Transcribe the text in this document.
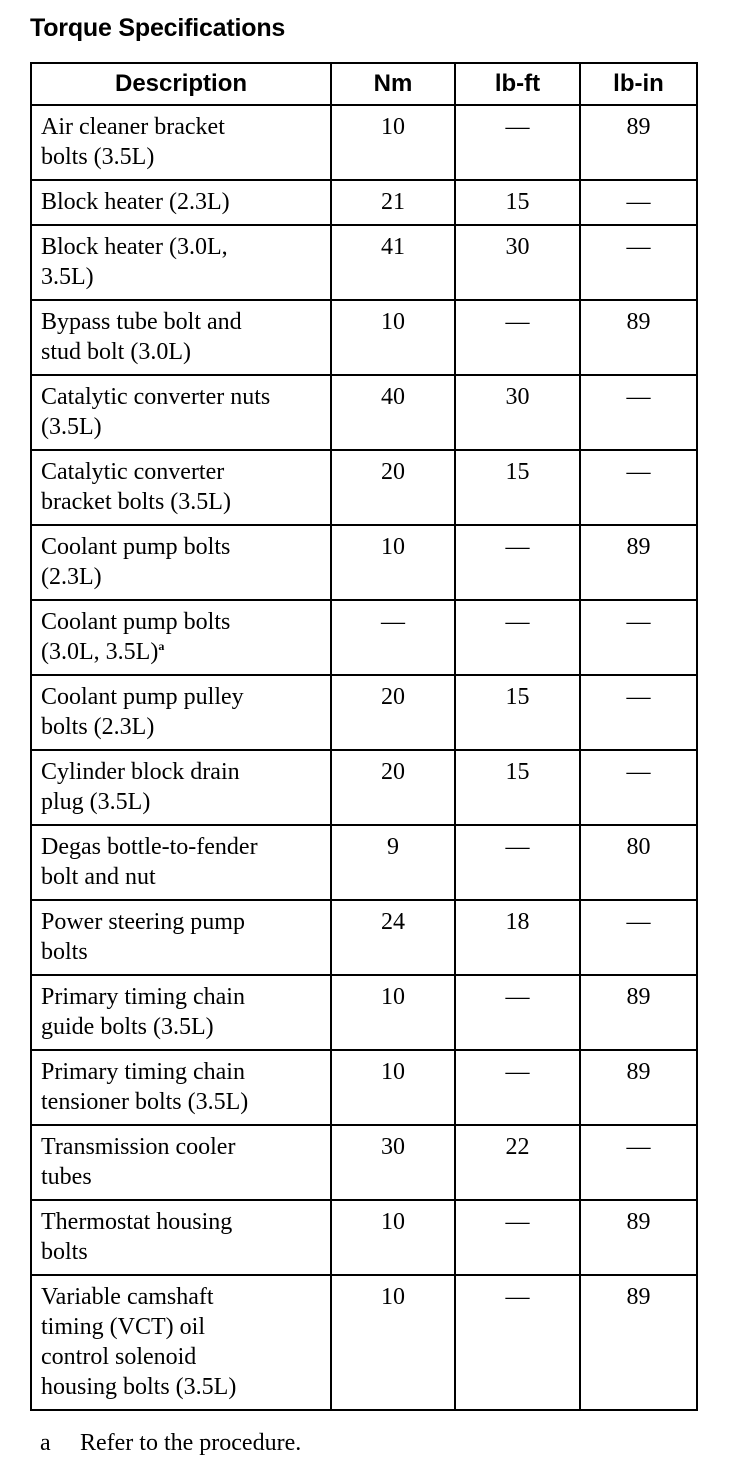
Torque Specifications
Description	Nm	lb-ft	lb-in

Air cleaner bracket
bolts (3.5L)	10	—	89

Block heater (2.3L)	21	15	—

Block heater (3.0L,
3.5L)	41	30	—

Bypass tube bolt and
stud bolt (3.0L)	10	—	89

Catalytic converter nuts
(3.5L)	40	30	—

Catalytic converter
bracket bolts (3.5L)	20	15	—

Coolant pump bolts
(2.3L)	10	—	89

Coolant pump bolts
(3.0L, 3.5L)$^a$	—	—	—

Coolant pump pulley
bolts (2.3L)	20	15	—

Cylinder block drain
plug (3.5L)	20	15	—

Degas bottle-to-fender
bolt and nut	9	—	80

Power steering pump
bolts	24	18	—

Primary timing chain
guide bolts (3.5L)	10	—	89

Primary timing chain
tensioner bolts (3.5L)	10	—	89

Transmission cooler
tubes	30	22	—

Thermostat housing
bolts	10	—	89

Variable camshaft
timing (VCT) oil
control solenoid
housing bolts (3.5L)	10	—	89
a Refer to the procedure.
